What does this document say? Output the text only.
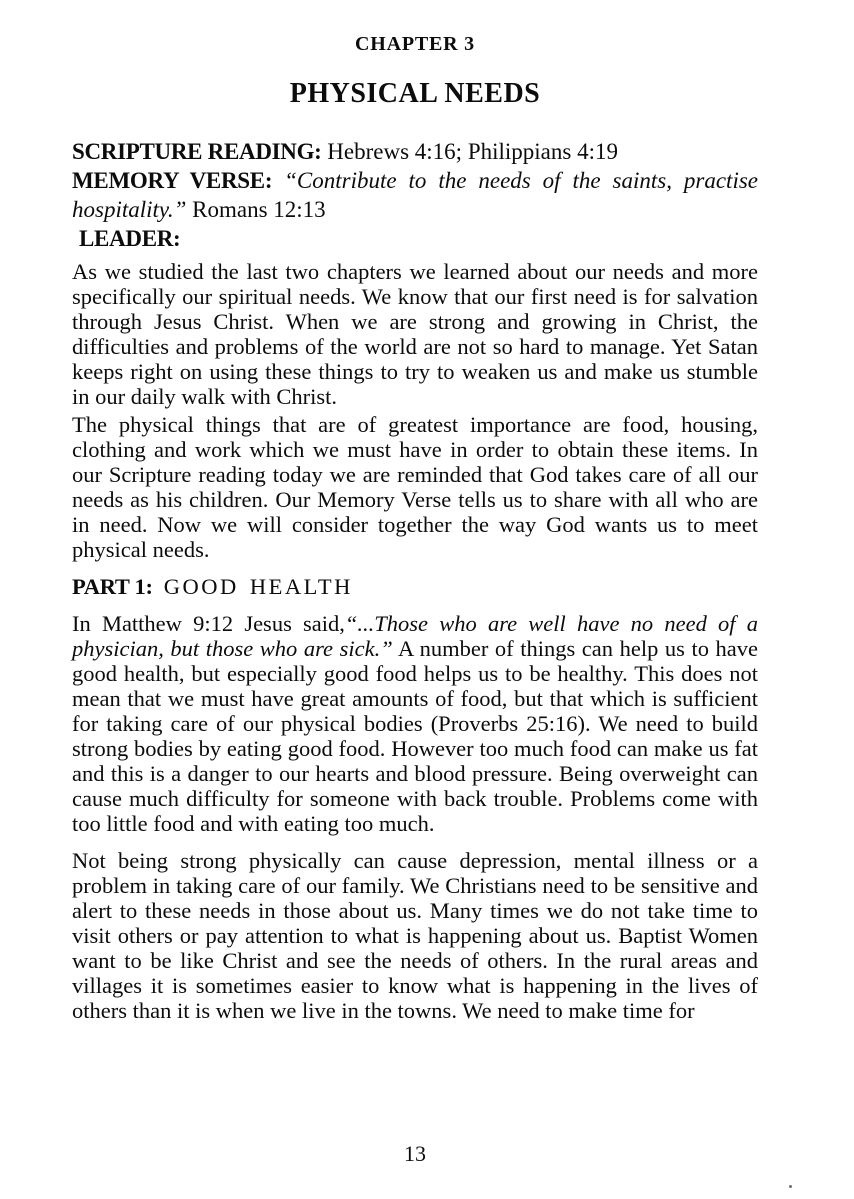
CHAPTER 3
PHYSICAL NEEDS

SCRIPTURE READING: Hebrews 4:16; Philippians 4:19

MEMORY VERSE: “Contribute to the needs of the saints, practise hospitality.” Romans 12:13

LEADER:

As we studied the last two chapters we learned about our needs and more specifically our spiritual needs. We know that our first need is for salvation through Jesus Christ. When we are strong and growing in Christ, the difficulties and problems of the world are not so hard to manage. Yet Satan keeps right on using these things to try to weaken us and make us stumble in our daily walk with Christ.

The physical things that are of greatest importance are food, housing, clothing and work which we must have in order to obtain these items. In our Scripture reading today we are reminded that God takes care of all our needs as his children. Our Memory Verse tells us to share with all who are in need. Now we will consider together the way God wants us to meet physical needs.

PART 1: GOOD HEALTH

In Matthew 9:12 Jesus said,“...Those who are well have no need of a physician, but those who are sick.” A number of things can help us to have good health, but especially good food helps us to be healthy. This does not mean that we must have great amounts of food, but that which is sufficient for taking care of our physical bodies (Proverbs 25:16). We need to build strong bodies by eating good food. However too much food can make us fat and this is a danger to our hearts and blood pressure. Being overweight can cause much difficulty for someone with back trouble. Problems come with too little food and with eating too much.

Not being strong physically can cause depression, mental illness or a problem in taking care of our family. We Christians need to be sensitive and alert to these needs in those about us. Many times we do not take time to visit others or pay attention to what is happening about us. Baptist Women want to be like Christ and see the needs of others. In the rural areas and villages it is sometimes easier to know what is happening in the lives of others than it is when we live in the towns. We need to make time for

13
